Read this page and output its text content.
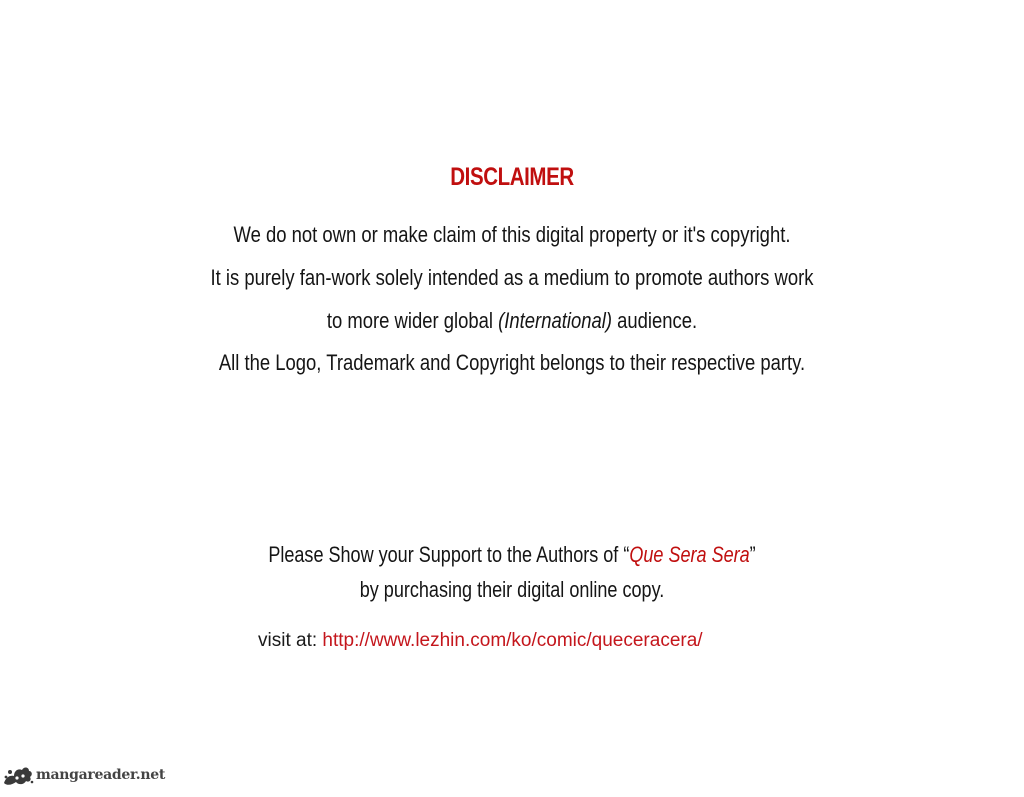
DISCLAIMER
We do not own or make claim of this digital property or it's copyright.
It is purely fan-work solely intended as a medium to promote authors work
to more wider global (International) audience.
All the Logo, Trademark and Copyright belongs to their respective party.
Please Show your Support to the Authors of “Que Sera Sera”
by purchasing their digital online copy.
visit at: http://www.lezhin.com/ko/comic/queceracera/
mangareader.net
